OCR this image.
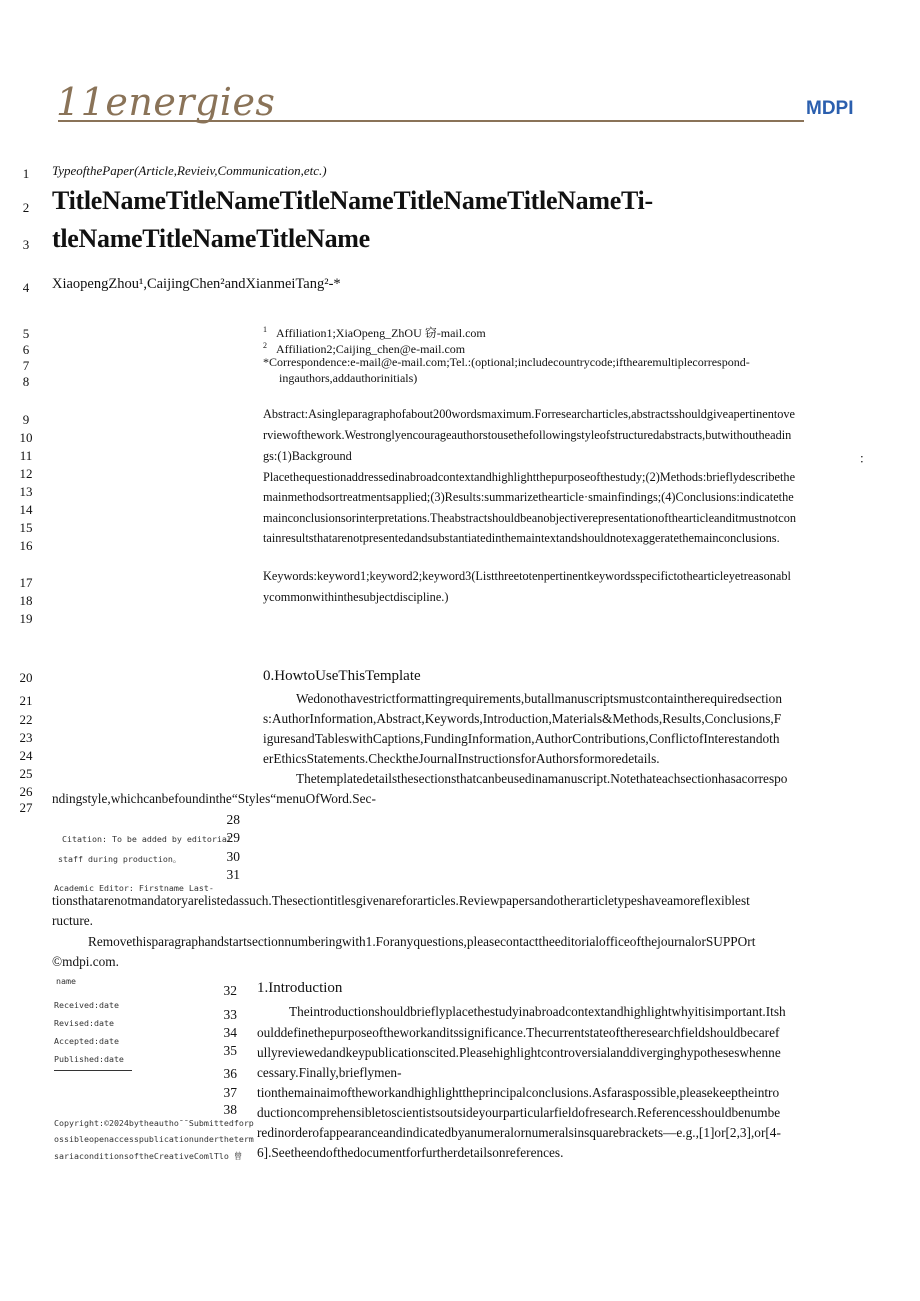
11energies	MDPI
1
2
3
4
5
6
7
8
9
10
11
12
13
14
15
16
17
18
19
20
21
22
23
24
25
26
27
TypeofthePaper(Article,Revieiv,Communication,etc.)
TitleNameTitleNameTitleNameTitleNameTitleNameTi-
tleNameTitleNameTitleName
XiaopengZhou¹,CaijingChen²andXianmeiTang²-*
$^1$ Affiliation1;XiaOpeng_ZhOU 窃-mail.com
$^2$ Affiliation2;Caijing_chen@e-mail.com
*Correspondence:e-mail@e-mail.com;Tel.:(optional;includecountrycode;ifthearemultiplecorrespond-
ingauthors,addauthorinitials)
Abstract:Asingleparagraphofabout200wordsmaximum.Forresearcharticles,abstractsshouldgiveapertinentove
rviewofthework.Westronglyencourageauthorstousethefollowingstyleofstructuredabstracts,butwithoutheadin
gs:(1)Background	：
Placethequestionaddressedinabroadcontextandhighlightthepurposeofthestudy;(2)Methods:brieflydescribethe
mainmethodsortreatmentsapplied;(3)Results:summarizethearticle·smainfindings;(4)Conclusions:indicatethe
mainconclusionsorinterpretations.Theabstractshouldbeanobjectiverepresentationofthearticleanditmustnotcon
tainresultsthatarenotpresentedandsubstantiatedinthemaintextandshouldnotexaggeratethemainconclusions.
Keywords:keyword1;keyword2;keyword3(Listthreetotenpertinentkeywordsspecifictothearticleyetreasonabl
ycommonwithinthesubjectdiscipline.)
0.HowtoUseThisTemplate
Wedonothavestrictformattingrequirements,butallmanuscriptsmustcontaintherequiredsection
s:AuthorInformation,Abstract,Keywords,Introduction,Materials&Methods,Results,Conclusions,F
iguresandTableswithCaptions,FundingInformation,AuthorContributions,ConflictofInterestandoth
erEthicsStatements.ChecktheJournalInstructionsforAuthorsformoredetails.
Thetemplatedetailsthesectionsthatcanbeusedinamanuscript.Notethateachsectionhasacorrespo
ndingstyle,whichcanbefoundinthe“Styles“menuOfWord.Sec-
28
29
30
31
32
33
34
35
36
37
38
Citation: To be added by editorial
staff during production。
Academic Editor: Firstname Last-
tionsthatarenotmandatoryarelistedassuch.Thesectiontitlesgivenareforarticles.Reviewpapersandotherarticletypeshaveamoreflexiblest
ructure.
Removethisparagraphandstartsectionnumberingwith1.Foranyquestions,pleasecontacttheeditorialofficeofthejournalorSUPPOrt
©mdpi.com.
name
Received:date
Revised:date
Accepted:date
Published:date
Copyright:©2024bytheautho¯¯Submittedforp
ossibleopenaccesspublicationundertheterm
sariaconditionsoftheCreativeComlTlo 曾
1.Introduction
Theintroductionshouldbrieflyplacethestudyinabroadcontextandhighlightwhyitisimportant.Itsh
oulddefinethepurposeoftheworkanditssignificance.Thecurrentstateoftheresearchfieldshouldbecaref
ullyreviewedandkeypublicationscited.Pleasehighlightcontroversialanddiverginghypotheseswhenne
cessary.Finally,brieflymen-
tionthemainaimoftheworkandhighlighttheprincipalconclusions.Asfaraspossible,pleasekeeptheintro
ductioncomprehensibletoscientistsoutsideyourparticularfieldofresearch.Referencesshouldbenumbe
redinorderofappearanceandindicatedbyanumeralornumeralsinsquarebrackets—e.g.,[1]or[2,3],or[4-
6].Seetheendofthedocumentforfurtherdetailsonreferences.
